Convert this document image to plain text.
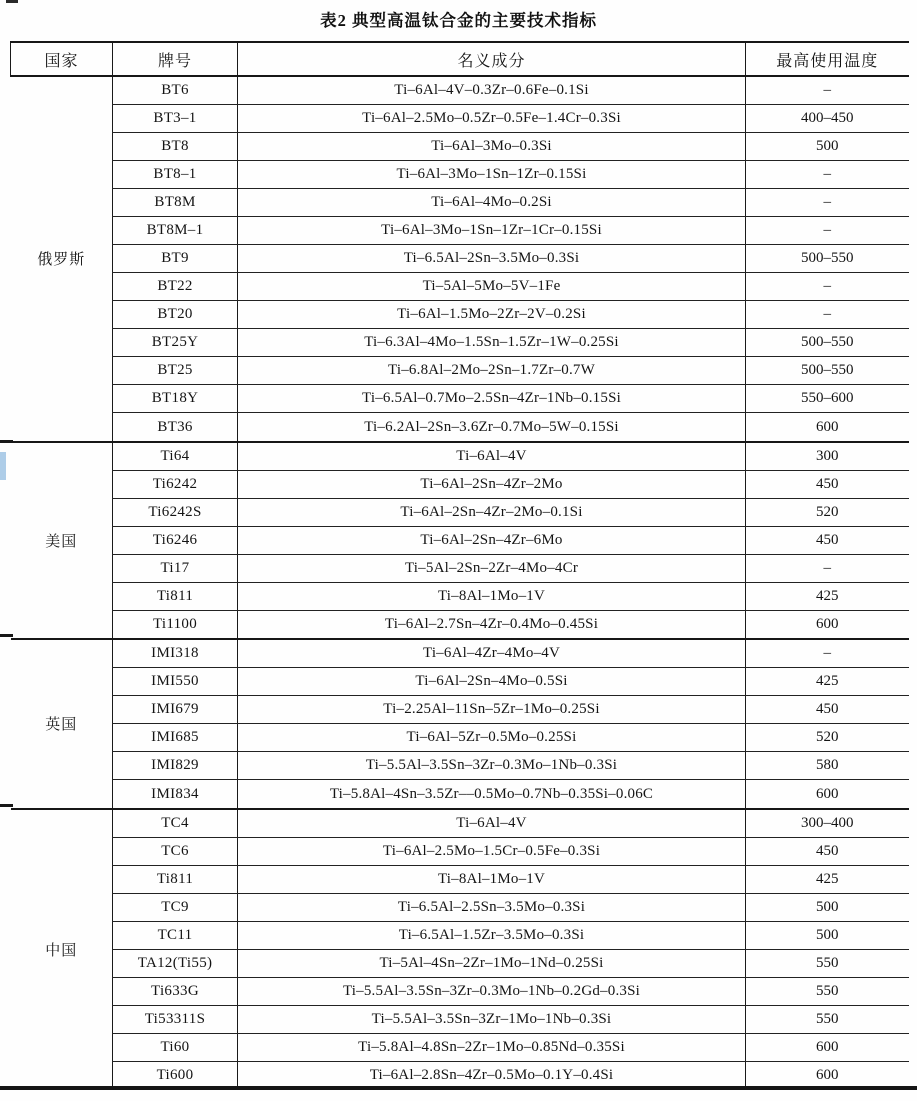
表2 典型高温钛合金的主要技术指标
国家	牌号	名义成分	最高使用温度
俄罗斯	BT6	Ti–6Al–4V–0.3Zr–0.6Fe–0.1Si	–
	BT3–1	Ti–6Al–2.5Mo–0.5Zr–0.5Fe–1.4Cr–0.3Si	400–450
	BT8	Ti–6Al–3Mo–0.3Si	500
	BT8–1	Ti–6Al–3Mo–1Sn–1Zr–0.15Si	–
	BT8M	Ti–6Al–4Mo–0.2Si	–
	BT8M–1	Ti–6Al–3Mo–1Sn–1Zr–1Cr–0.15Si	–
	BT9	Ti–6.5Al–2Sn–3.5Mo–0.3Si	500–550
	BT22	Ti–5Al–5Mo–5V–1Fe	–
	BT20	Ti–6Al–1.5Mo–2Zr–2V–0.2Si	–
	BT25Y	Ti–6.3Al–4Mo–1.5Sn–1.5Zr–1W–0.25Si	500–550
	BT25	Ti–6.8Al–2Mo–2Sn–1.7Zr–0.7W	500–550
	BT18Y	Ti–6.5Al–0.7Mo–2.5Sn–4Zr–1Nb–0.15Si	550–600
	BT36	Ti–6.2Al–2Sn–3.6Zr–0.7Mo–5W–0.15Si	600
美国	Ti64	Ti–6Al–4V	300
	Ti6242	Ti–6Al–2Sn–4Zr–2Mo	450
	Ti6242S	Ti–6Al–2Sn–4Zr–2Mo–0.1Si	520
	Ti6246	Ti–6Al–2Sn–4Zr–6Mo	450
	Ti17	Ti–5Al–2Sn–2Zr–4Mo–4Cr	–
	Ti811	Ti–8Al–1Mo–1V	425
	Ti1100	Ti–6Al–2.7Sn–4Zr–0.4Mo–0.45Si	600
英国	IMI318	Ti–6Al–4Zr–4Mo–4V	–
	IMI550	Ti–6Al–2Sn–4Mo–0.5Si	425
	IMI679	Ti–2.25Al–11Sn–5Zr–1Mo–0.25Si	450
	IMI685	Ti–6Al–5Zr–0.5Mo–0.25Si	520
	IMI829	Ti–5.5Al–3.5Sn–3Zr–0.3Mo–1Nb–0.3Si	580
	IMI834	Ti–5.8Al–4Sn–3.5Zr––0.5Mo–0.7Nb–0.35Si–0.06C	600
中国	TC4	Ti–6Al–4V	300–400
	TC6	Ti–6Al–2.5Mo–1.5Cr–0.5Fe–0.3Si	450
	Ti811	Ti–8Al–1Mo–1V	425
	TC9	Ti–6.5Al–2.5Sn–3.5Mo–0.3Si	500
	TC11	Ti–6.5Al–1.5Zr–3.5Mo–0.3Si	500
	TA12(Ti55)	Ti–5Al–4Sn–2Zr–1Mo–1Nd–0.25Si	550
	Ti633G	Ti–5.5Al–3.5Sn–3Zr–0.3Mo–1Nb–0.2Gd–0.3Si	550
	Ti53311S	Ti–5.5Al–3.5Sn–3Zr–1Mo–1Nb–0.3Si	550
	Ti60	Ti–5.8Al–4.8Sn–2Zr–1Mo–0.85Nd–0.35Si	600
	Ti600	Ti–6Al–2.8Sn–4Zr–0.5Mo–0.1Y–0.4Si	600
